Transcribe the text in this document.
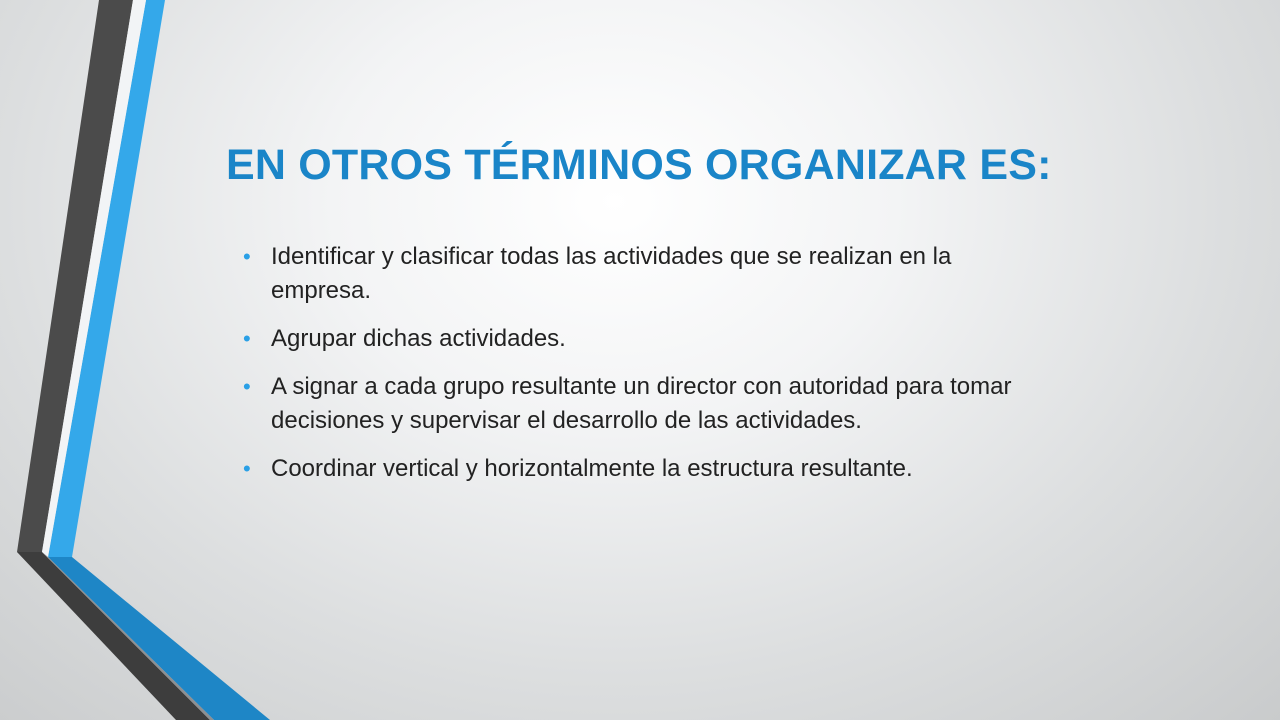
EN OTROS TÉRMINOS ORGANIZAR ES:
• Identificar y clasificar todas las actividades que se realizan en la empresa.
• Agrupar dichas actividades.
• A signar a cada grupo resultante un director con autoridad para tomar decisiones y supervisar el desarrollo de las actividades.
• Coordinar vertical y horizontalmente la estructura resultante.
